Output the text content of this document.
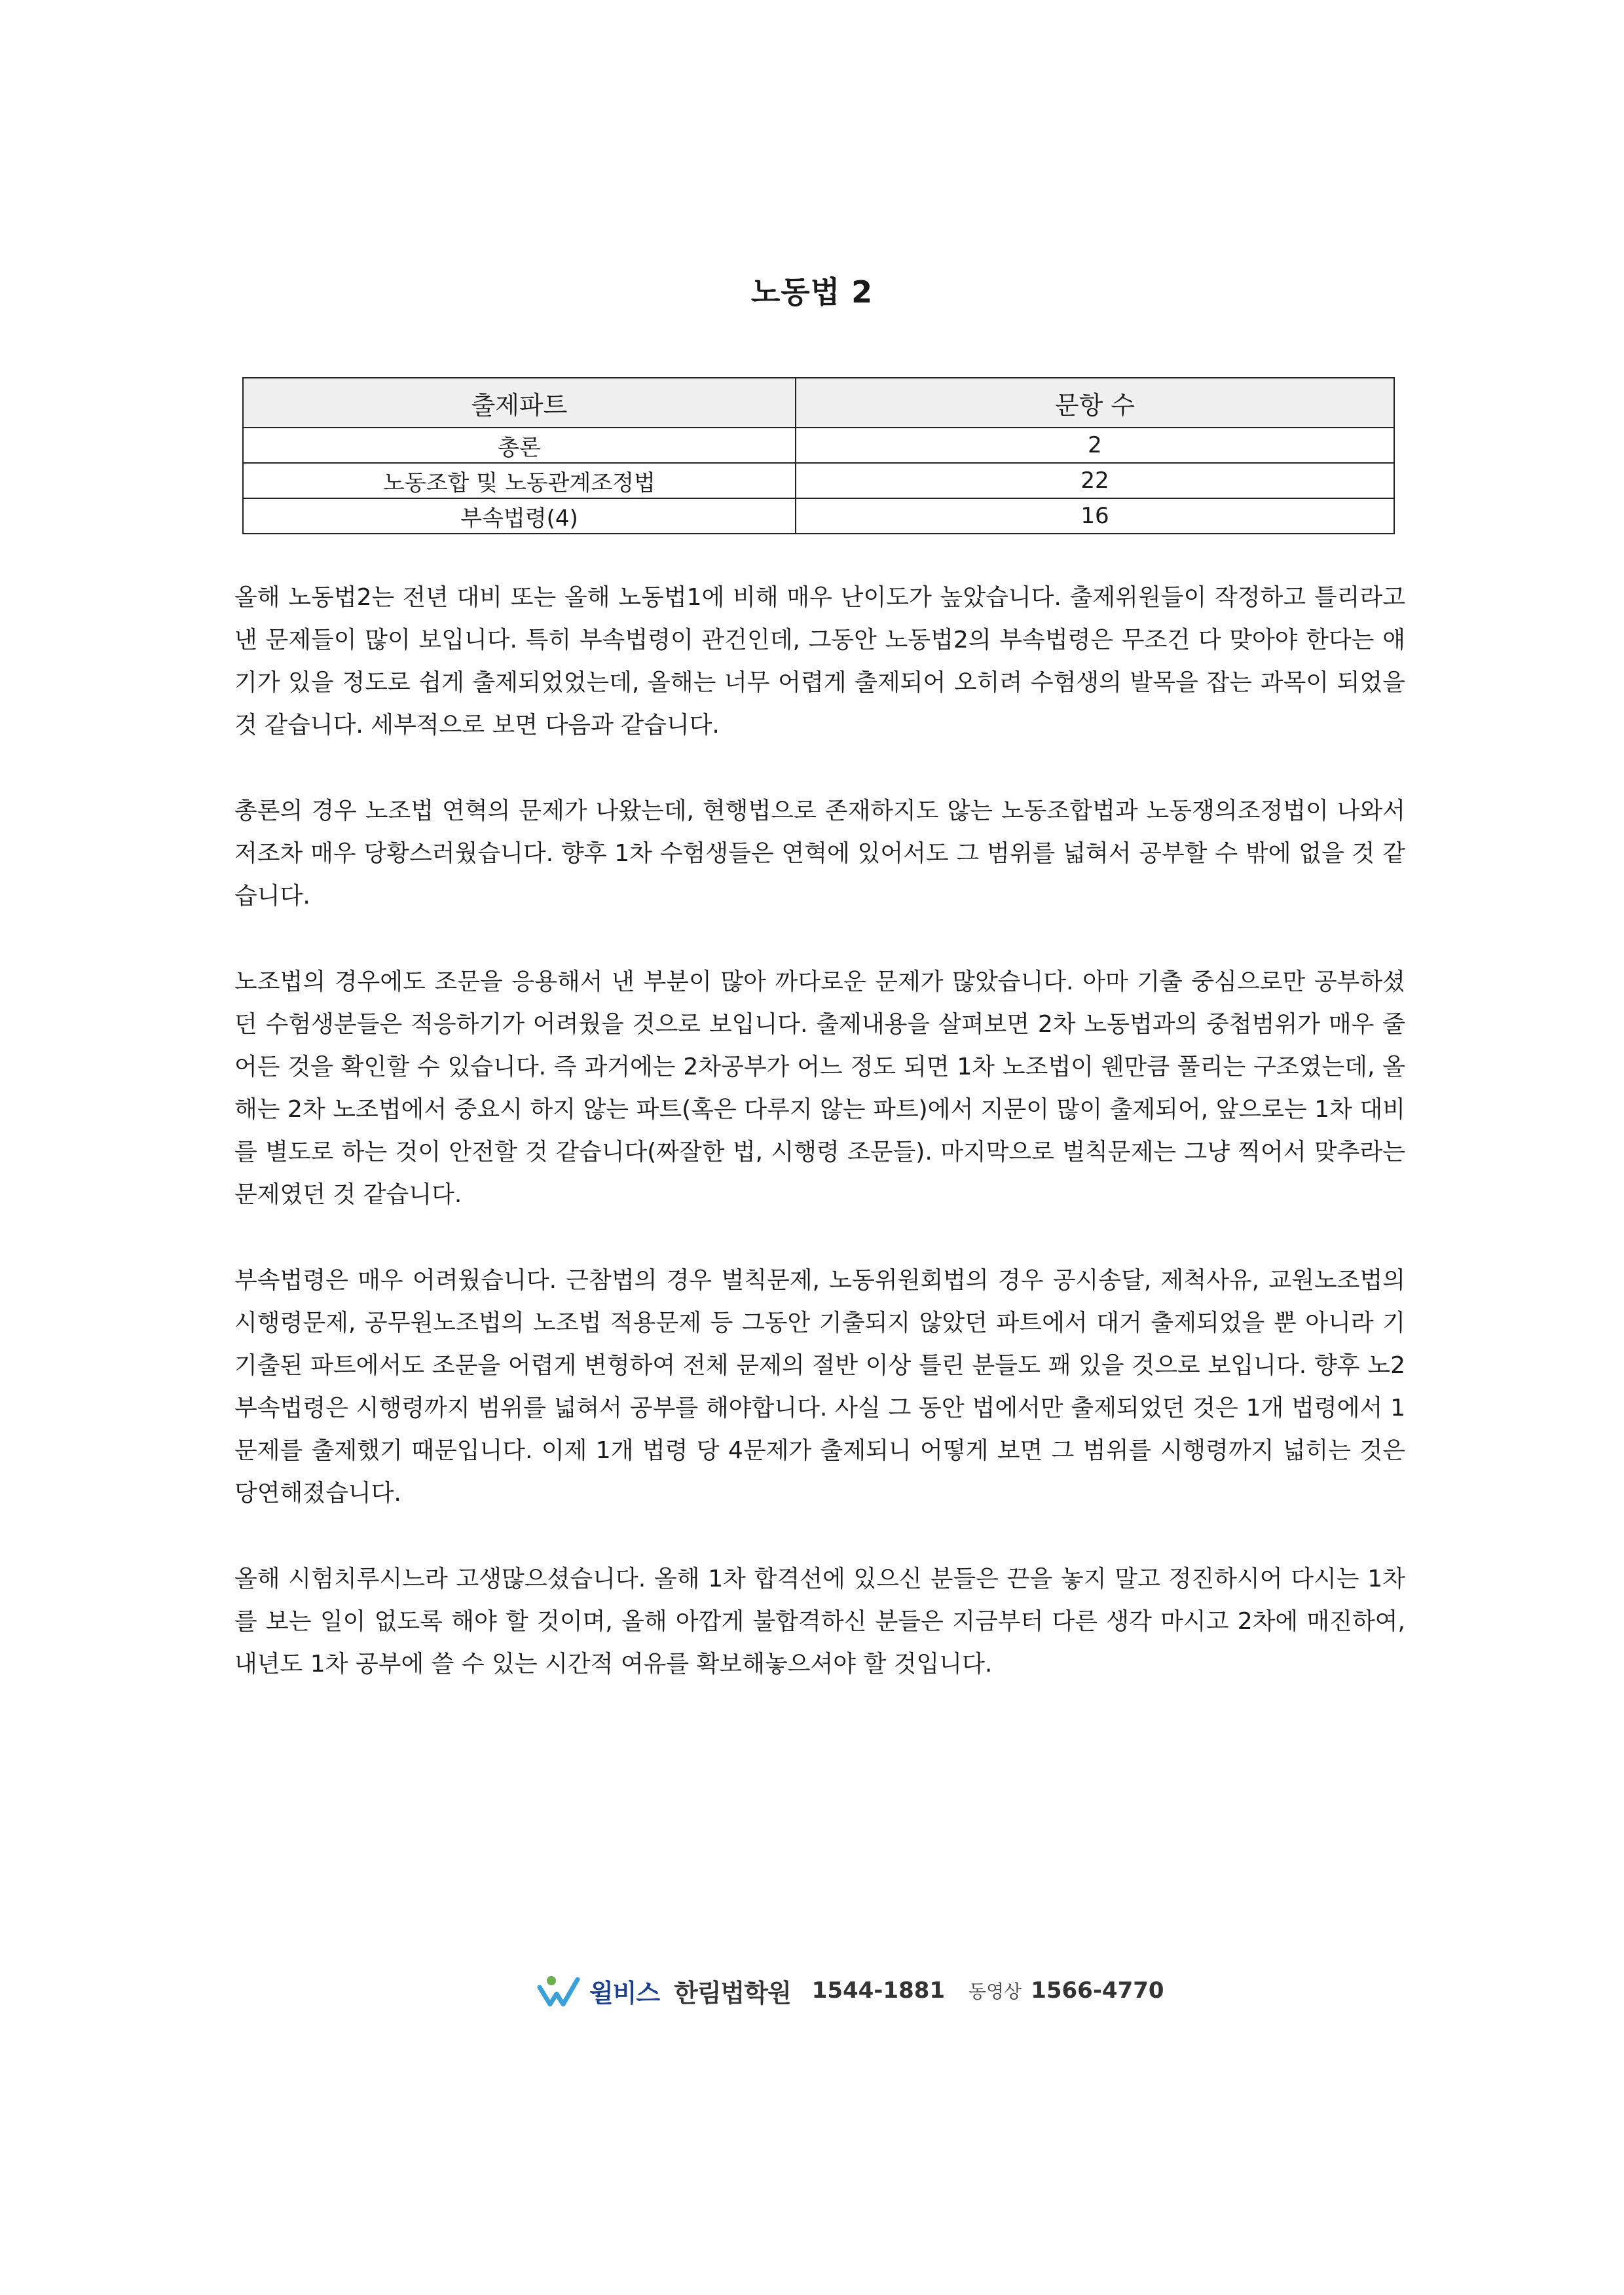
노동법 2
출제파트	문항 수
총론	2
노동조합 및 노동관계조정법	22
부속법령(4)	16

올해 노동법2는 전년 대비 또는 올해 노동법1에 비해 매우 난이도가 높았습니다. 출제위원들이 작정하고 틀리라고 낸 문제들이 많이 보입니다. 특히 부속법령이 관건인데, 그동안 노동법2의 부속법령은 무조건 다 맞아야 한다는 얘기가 있을 정도로 쉽게 출제되었었는데, 올해는 너무 어렵게 출제되어 오히려 수험생의 발목을 잡는 과목이 되었을 것 같습니다. 세부적으로 보면 다음과 같습니다.

총론의 경우 노조법 연혁의 문제가 나왔는데, 현행법으로 존재하지도 않는 노동조합법과 노동쟁의조정법이 나와서 저조차 매우 당황스러웠습니다. 향후 1차 수험생들은 연혁에 있어서도 그 범위를 넓혀서 공부할 수 밖에 없을 것 같습니다.

노조법의 경우에도 조문을 응용해서 낸 부분이 많아 까다로운 문제가 많았습니다. 아마 기출 중심으로만 공부하셨던 수험생분들은 적응하기가 어려웠을 것으로 보입니다. 출제내용을 살펴보면 2차 노동법과의 중첩범위가 매우 줄어든 것을 확인할 수 있습니다. 즉 과거에는 2차공부가 어느 정도 되면 1차 노조법이 웬만큼 풀리는 구조였는데, 올해는 2차 노조법에서 중요시 하지 않는 파트(혹은 다루지 않는 파트)에서 지문이 많이 출제되어, 앞으로는 1차 대비를 별도로 하는 것이 안전할 것 같습니다(짜잘한 법, 시행령 조문들). 마지막으로 벌칙문제는 그냥 찍어서 맞추라는 문제였던 것 같습니다.

부속법령은 매우 어려웠습니다. 근참법의 경우 벌칙문제, 노동위원회법의 경우 공시송달, 제척사유, 교원노조법의 시행령문제, 공무원노조법의 노조법 적용문제 등 그동안 기출되지 않았던 파트에서 대거 출제되었을 뿐 아니라 기 기출된 파트에서도 조문을 어렵게 변형하여 전체 문제의 절반 이상 틀린 분들도 꽤 있을 것으로 보입니다. 향후 노2 부속법령은 시행령까지 범위를 넓혀서 공부를 해야합니다. 사실 그 동안 법에서만 출제되었던 것은 1개 법령에서 1문제를 출제했기 때문입니다. 이제 1개 법령 당 4문제가 출제되니 어떻게 보면 그 범위를 시행령까지 넓히는 것은 당연해졌습니다.

올해 시험치루시느라 고생많으셨습니다. 올해 1차 합격선에 있으신 분들은 끈을 놓지 말고 정진하시어 다시는 1차를 보는 일이 없도록 해야 할 것이며, 올해 아깝게 불합격하신 분들은 지금부터 다른 생각 마시고 2차에 매진하여, 내년도 1차 공부에 쓸 수 있는 시간적 여유를 확보해놓으셔야 할 것입니다.

윌비스 한림법학원 1544-1881 동영상 1566-4770
